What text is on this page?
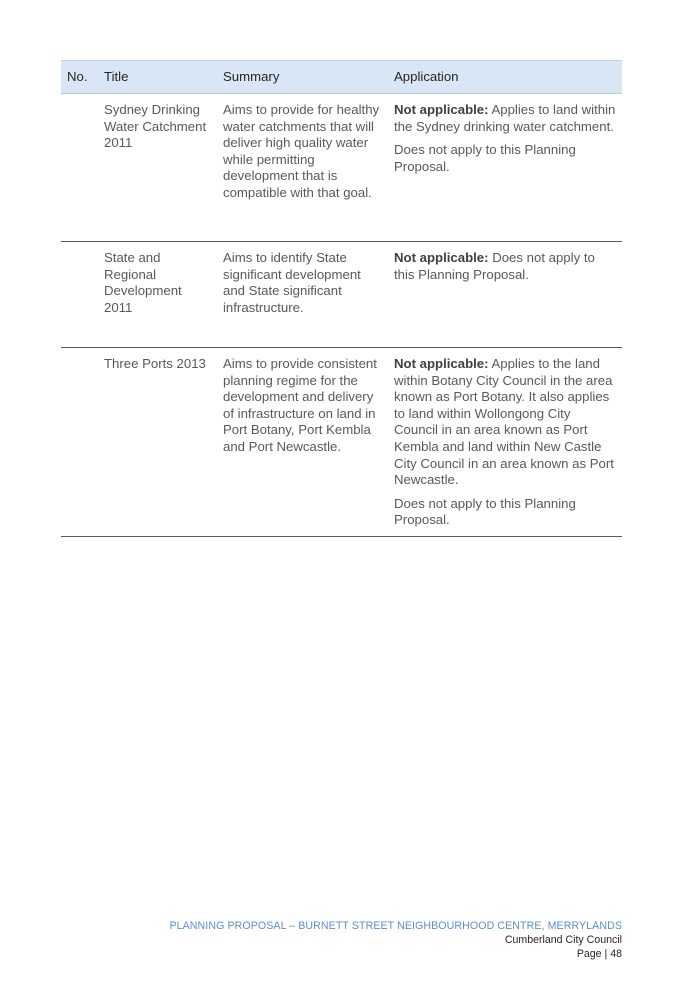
No.	Title	Summary	Application
	Sydney Drinking Water Catchment 2011	Aims to provide for healthy water catchments that will deliver high quality water while permitting development that is compatible with that goal.	Not applicable: Applies to land within the Sydney drinking water catchment.

Does not apply to this Planning Proposal.

	State and Regional Development 2011	Aims to identify State significant development and State significant infrastructure.	Not applicable: Does not apply to this Planning Proposal.

	Three Ports 2013	Aims to provide consistent planning regime for the development and delivery of infrastructure on land in Port Botany, Port Kembla and Port Newcastle.	Not applicable: Applies to the land within Botany City Council in the area known as Port Botany. It also applies to land within Wollongong City Council in an area known as Port Kembla and land within New Castle City Council in an area known as Port Newcastle.

Does not apply to this Planning Proposal.

PLANNING PROPOSAL – BURNETT STREET NEIGHBOURHOOD CENTRE, MERRYLANDS
Cumberland City Council
Page | 48
